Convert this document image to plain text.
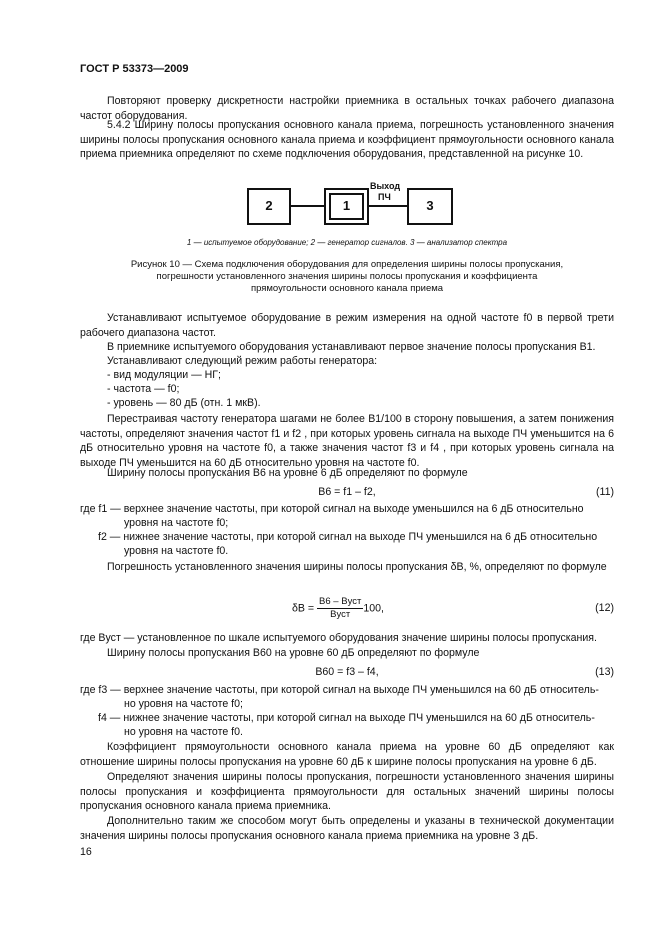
ГОСТ Р 53373—2009

Повторяют проверку дискретности настройки приемника в остальных точках рабочего диапазона частот оборудования.

5.4.2 Ширину полосы пропускания основного канала приема, погрешность установленного значения ширины полосы пропускания основного канала приема и коэффициент прямоугольности основного канала приема приемника определяют по схеме подключения оборудования, представленной на рисунке 10.

2	1	3
Выход
ПЧ
1 — испытуемое оборудование; 2 — генератор сигналов. 3 — анализатор спектра
Рисунок 10 — Схема подключения оборудования для определения ширины полосы пропускания,
погрешности установленного значения ширины полосы пропускания и коэффициента
прямоугольности основного канала приема

Устанавливают испытуемое оборудование в режим измерения на одной частоте f0 в первой трети рабочего диапазона частот.

В приемнике испытуемого оборудования устанавливают первое значение полосы пропускания B1.
Устанавливают следующий режим работы генератора:
- вид модуляции — НГ;
- частота — f0;
- уровень — 80 дБ (отн. 1 мкВ).

Перестраивая частоту генератора шагами не более B1/100 в сторону повышения, а затем понижения частоты, определяют значения частот f1 и f2 , при которых уровень сигнала на выходе ПЧ уменьшится на 6 дБ относительно уровня на частоте f0, а также значения частот f3 и f4 , при которых уровень сигнала на выходе ПЧ уменьшится на 60 дБ относительно уровня на частоте f0.

Ширину полосы пропускания B6 на уровне 6 дБ определяют по формуле
B6 = f1 – f2,	(11)
где f1 — верхнее значение частоты, при которой сигнал на выходе уменьшился на 6 дБ относительно
уровня на частоте f0;
f2 — нижнее значение частоты, при которой сигнал на выходе ПЧ уменьшился на 6 дБ относительно
уровня на частоте f0.

Погрешность установленного значения ширины полосы пропускания δB, %, определяют по формуле

$\delta B = \frac{\text{B6 – Bуст}}{\text{Bуст}} 100$,	(12)
где Bуст — установленное по шкале испытуемого оборудования значение ширины полосы пропускания.
Ширину полосы пропускания B60 на уровне 60 дБ определяют по формуле
B60 = f3 – f4,	(13)
где f3 — верхнее значение частоты, при которой сигнал на выходе ПЧ уменьшился на 60 дБ относитель-
но уровня на частоте f0;
f4 — нижнее значение частоты, при которой сигнал на выходе ПЧ уменьшился на 60 дБ относитель-
но уровня на частоте f0.

Коэффициент прямоугольности основного канала приема на уровне 60 дБ определяют как отношение ширины полосы пропускания на уровне 60 дБ к ширине полосы пропускания на уровне 6 дБ.

Определяют значения ширины полосы пропускания, погрешности установленного значения ширины полосы пропускания и коэффициента прямоугольности для остальных значений ширины полосы пропускания основного канала приема приемника.

Дополнительно таким же способом могут быть определены и указаны в технической документации значения ширины полосы пропускания основного канала приема приемника на уровне 3 дБ.

16
